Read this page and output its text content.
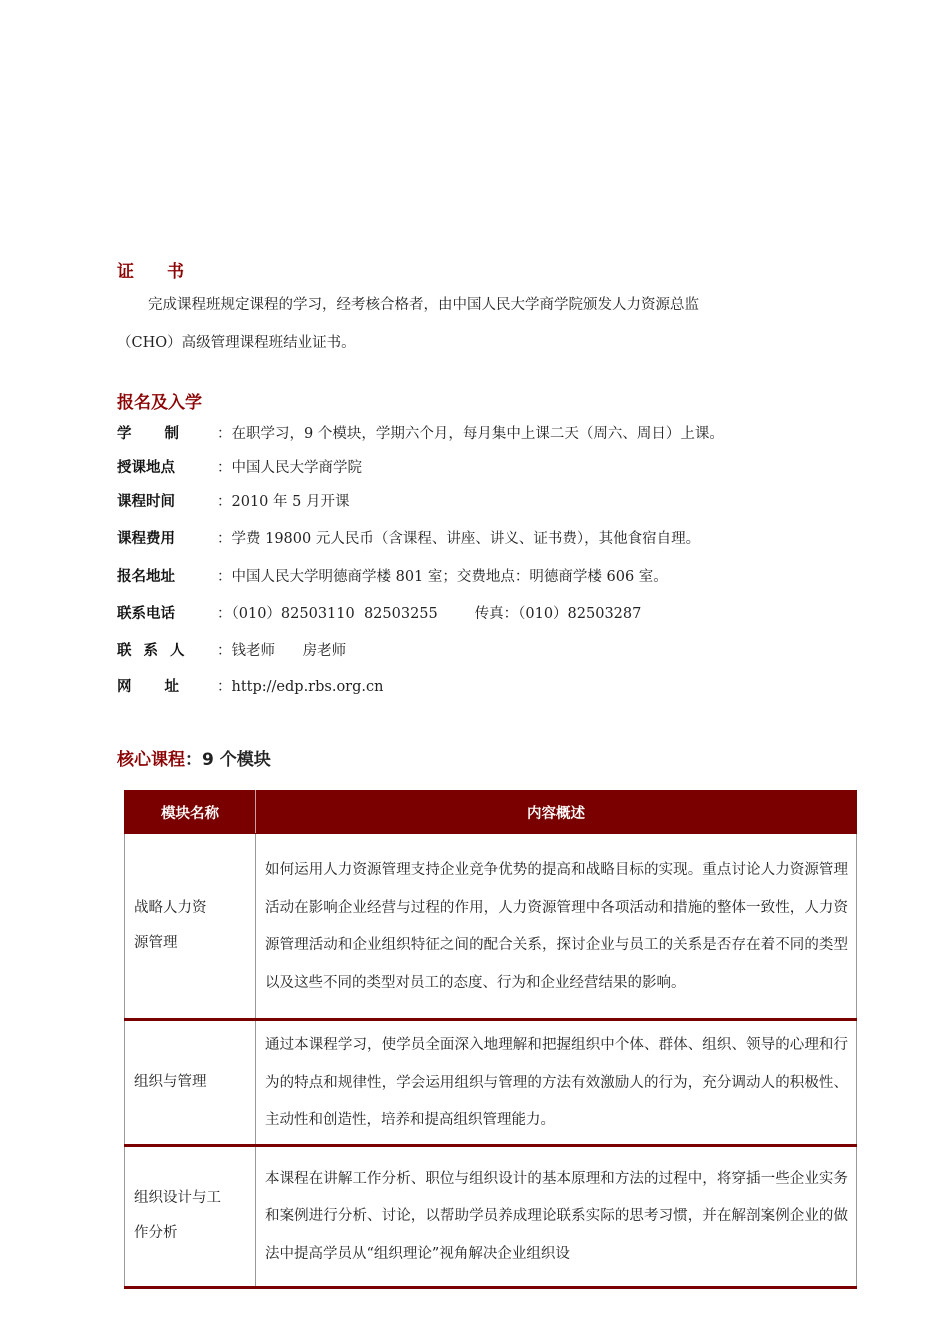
证书
完成课程班规定课程的学习，经考核合格者，由中国人民大学商学院颁发人力资源总监
（CHO）高级管理课程班结业证书。
报名及入学
学制 ：在职学习，9 个模块，学期六个月，每月集中上课二天（周六、周日）上课。
授课地点	：中国人民大学商学院
课程时间	：2010 年 5 月开课
课程费用	：学费 19800 元人民币（含课程、讲座、讲义、证书费），其他食宿自理。
报名地址	：中国人民大学明德商学楼 801 室；交费地点：明德商学楼 606 室。
联系电话	：（010）82503110  82503255        传真：（010）82503287
联系人 ：钱老师      房老师
网址 ：http://edp.rbs.org.cn
核心课程：9 个模块
模块名称	内容概述

战略人力资源管理	如何运用人力资源管理支持企业竞争优势的提高和战略目标的实现。重点讨论人力资源管理活动在影响企业经营与过程的作用，人力资源管理中各项活动和措施的整体一致性，人力资源管理活动和企业组织特征之间的配合关系，探讨企业与员工的关系是否存在着不同的类型以及这些不同的类型对员工的态度、行为和企业经营结果的影响。
组织与管理	通过本课程学习，使学员全面深入地理解和把握组织中个体、群体、组织、领导的心理和行为的特点和规律性，学会运用组织与管理的方法有效激励人的行为，充分调动人的积极性、主动性和创造性，培养和提高组织管理能力。

组织设计与工作分析	本课程在讲解工作分析、职位与组织设计的基本原理和方法的过程中，将穿插一些企业实务和案例进行分析、讨论，以帮助学员养成理论联系实际的思考习惯，并在解剖案例企业的做法中提高学员从“组织理论”视角解决企业组织设
